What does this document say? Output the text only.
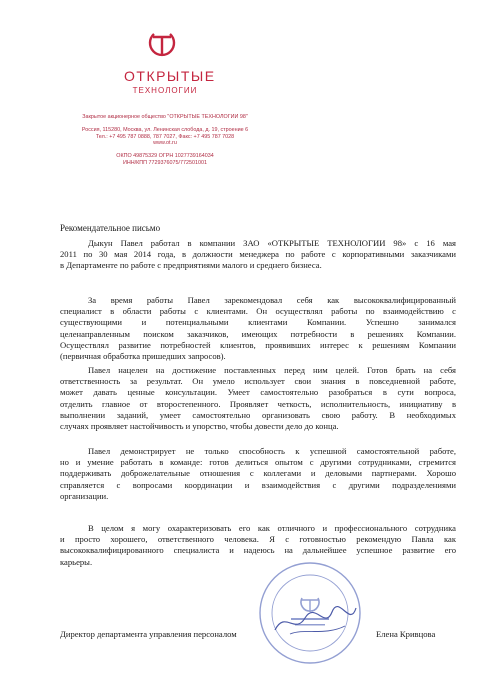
ОТКРЫТЫЕ
ТЕХНОЛОГИИ
Закрытое акционерное общество "ОТКРЫТЫЕ ТЕХНОЛОГИИ 98"
Россия, 115280, Москва, ул. Ленинская слобода, д. 19, строение 6
Тел.: +7 495 787 0888, 787 7027, Факс: +7 495 787 7028
www.ot.ru
ОКПО 49875329 ОГРН 1027739164034
ИНН/КПП 7729376075/772501001
Рекомендательное письмо
Дыкун Павел работал в компании ЗАО «ОТКРЫТЫЕ ТЕХНОЛОГИИ 98» с 16 мая
2011 по 30 мая 2014 года, в должности менеджера по работе с корпоративными заказчиками
в Департаменте по работе с предприятиями малого и среднего бизнеса.
За время работы Павел зарекомендовал себя как высококвалифицированный
специалист в области работы с клиентами. Он осуществлял работы по взаимодействию с
существующими и потенциальными клиентами Компании. Успешно занимался
целенаправленным поиском заказчиков, имеющих потребности в решениях Компании.
Осуществлял развитие потребностей клиентов, проявивших интерес к решениям Компании
(первичная обработка пришедших запросов).
Павел нацелен на достижение поставленных перед ним целей. Готов брать на себя
ответственность за результат. Он умело использует свои знания в повседневной работе,
может давать ценные консультации. Умеет самостоятельно разобраться в сути вопроса,
отделить главное от второстепенного. Проявляет четкость, исполнительность, инициативу в
выполнении заданий, умеет самостоятельно организовать свою работу. В необходимых
случаях проявляет настойчивость и упорство, чтобы довести дело до конца.
Павел демонстрирует не только способность к успешной самостоятельной работе,
но и умение работать в команде: готов делиться опытом с другими сотрудниками, стремится
поддерживать доброжелательные отношения с коллегами и деловыми партнерами. Хорошо
справляется с вопросами координации и взаимодействия с другими подразделениями
организации.
В целом я могу охарактеризовать его как отличного и профессионального сотрудника
и просто хорошего, ответственного человека. Я с готовностью рекомендую Павла как
высококвалифицированного специалиста и надеюсь на дальнейшее успешное развитие его
карьеры.
Директор департамента управления персоналом	Елена Кривцова
